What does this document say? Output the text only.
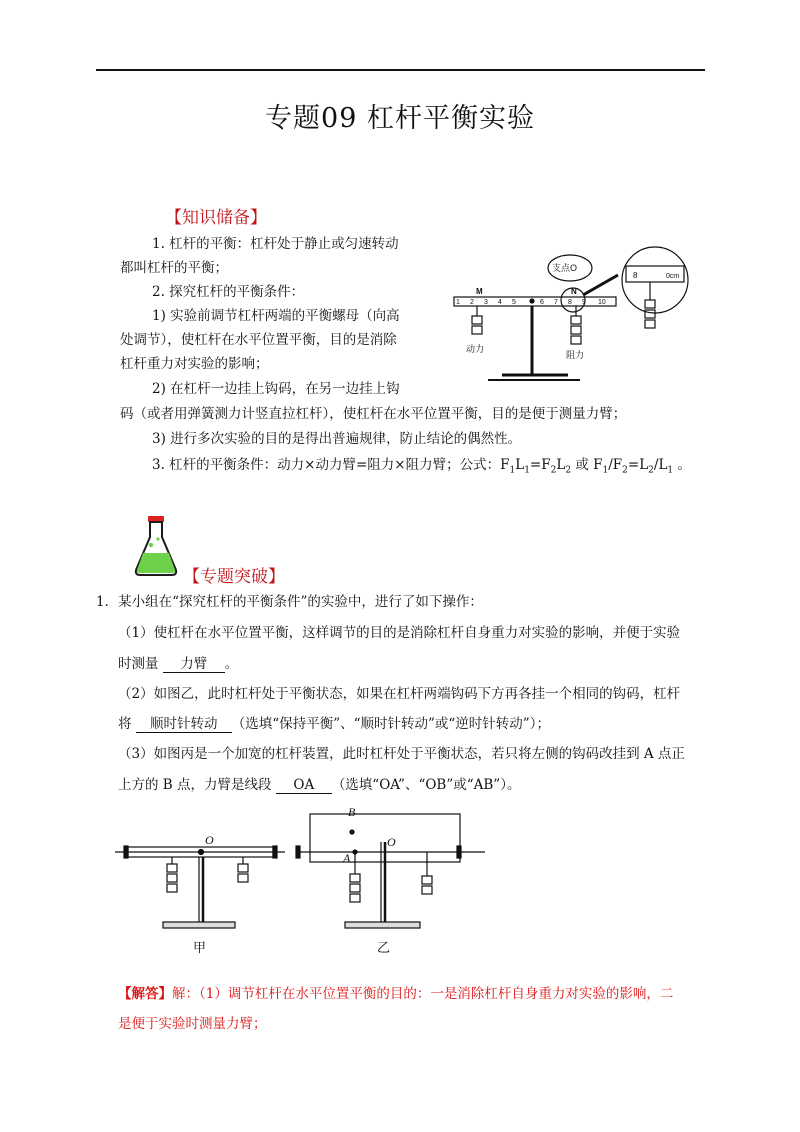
专题09 杠杆平衡实验
【知识储备】
1. 杠杆的平衡：杠杆处于静止或匀速转动
都叫杠杆的平衡；
2. 探究杠杆的平衡条件：
1) 实验前调节杠杆两端的平衡螺母（向高
处调节），使杠杆在水平位置平衡，目的是消除
杠杆重力对实验的影响；
2) 在杠杆一边挂上钩码，在另一边挂上钩
码（或者用弹簧测力计竖直拉杠杆），使杠杆在水平位置平衡，目的是便于测量力臂；
3) 进行多次实验的目的是得出普遍规律，防止结论的偶然性。
3. 杠杆的平衡条件：动力×动力臂=阻力×阻力臂；公式：$F_1L_1=F_2L_2$ 或 $F_1/F_2=L_2/L_1$ 。
1 2 3 4 5	6 7 8 9 10
M	N
动力
阻力
支点O
8	0cm
【专题突破】
1．某小组在“探究杠杆的平衡条件”的实验中，进行了如下操作：
（1）使杠杆在水平位置平衡，这样调节的目的是消除杠杆自身重力对实验的影响，并便于实验
时测量 力臂 。
（2）如图乙，此时杠杆处于平衡状态，如果在杠杆两端钩码下方再各挂一个相同的钩码，杠杆
将 顺时针转动 （选填“保持平衡”、“顺时针转动”或“逆时针转动”）；
（3）如图丙是一个加宽的杠杆装置，此时杠杆处于平衡状态，若只将左侧的钩码改挂到 A 点正
上方的 B 点，力臂是线段 OA （选填“OA”、“OB”或“AB”）。
O	O
A
B
甲	乙
【解答】解：（1）调节杠杆在水平位置平衡的目的：一是消除杠杆自身重力对实验的影响，二
是便于实验时测量力臂；
